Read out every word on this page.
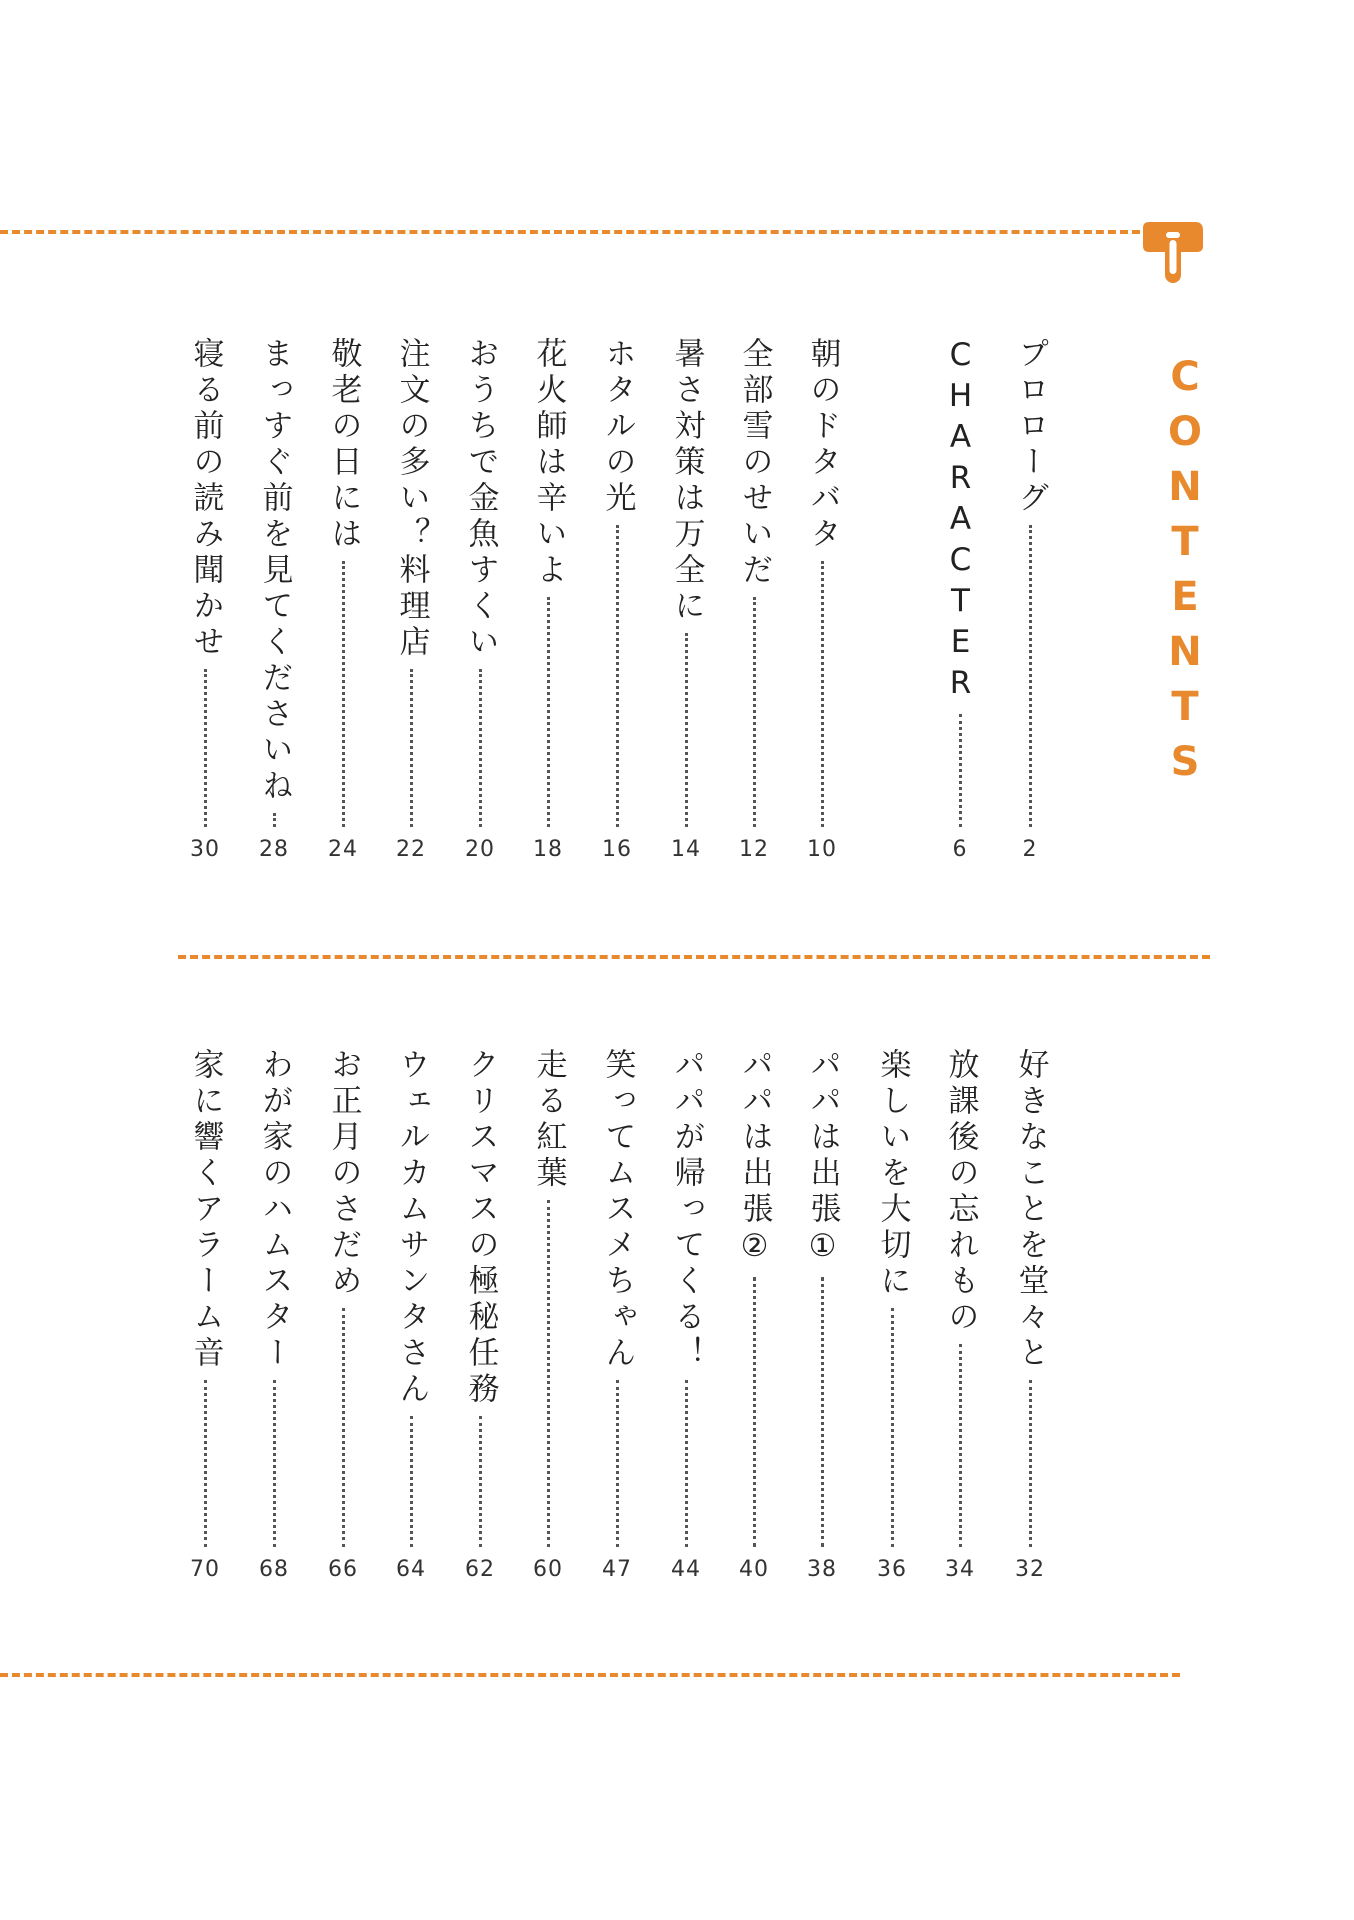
C
O
N
T
E
N
T
S
プロローグ
2
CHARACTER
6
朝のドタバタ
10
全部雪のせいだ
12
暑さ対策は万全に
14
ホタルの光
16
花火師は辛いよ
18
おうちで金魚すくい
20
注文の多い？料理店
22
敬老の日には
24
まっすぐ前を見てくださいね
28
寝る前の読み聞かせ
30
好きなことを堂々と
32
放課後の忘れもの
34
楽しいを大切に
36
パパは出張①
38
パパは出張②
40
パパが帰ってくる！
44
笑ってムスメちゃん
47
走る紅葉
60
クリスマスの極秘任務
62
ウェルカムサンタさん
64
お正月のさだめ
66
わが家のハムスター
68
家に響くアラーム音
70
